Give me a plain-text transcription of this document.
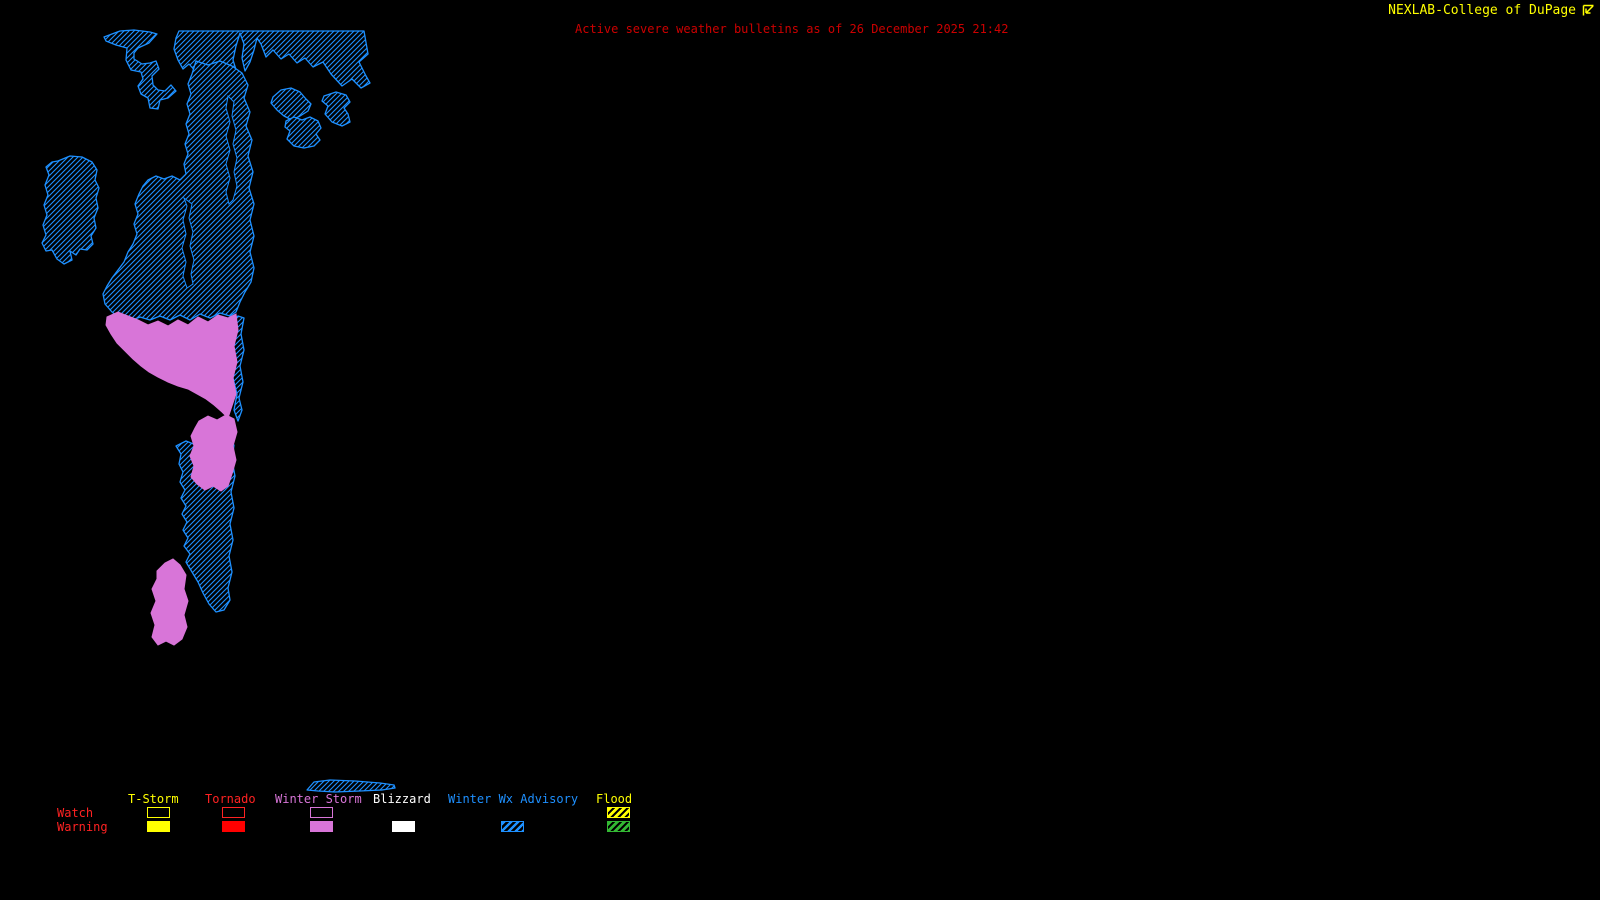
NEXLAB-College of DuPage
Active severe weather bulletins as of 26 December 2025 21:42
Watch
Warning
T-Storm Tornado Winter Storm Blizzard Winter Wx Advisory Flood
